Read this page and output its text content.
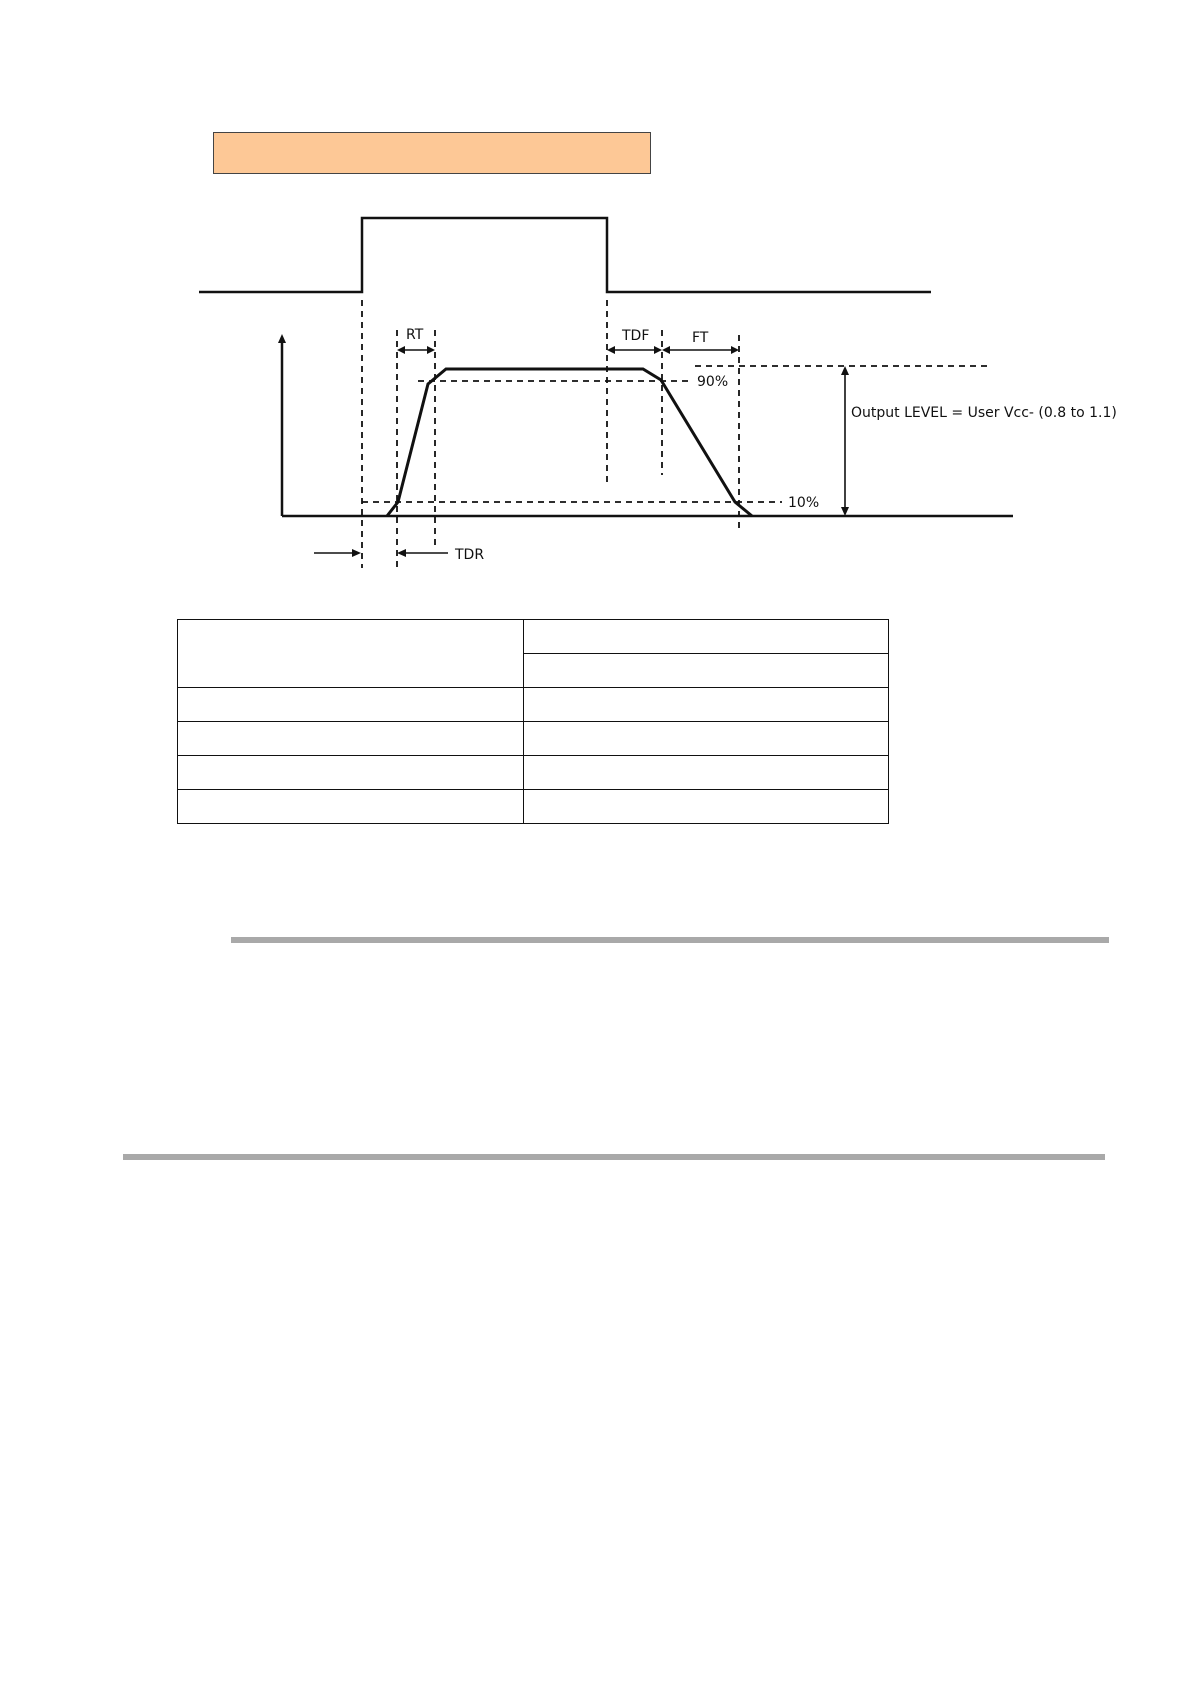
RT	TDF	FT
TDR
90%
10%
Output LEVEL = User Vcc- (0.8 to 1.1)
